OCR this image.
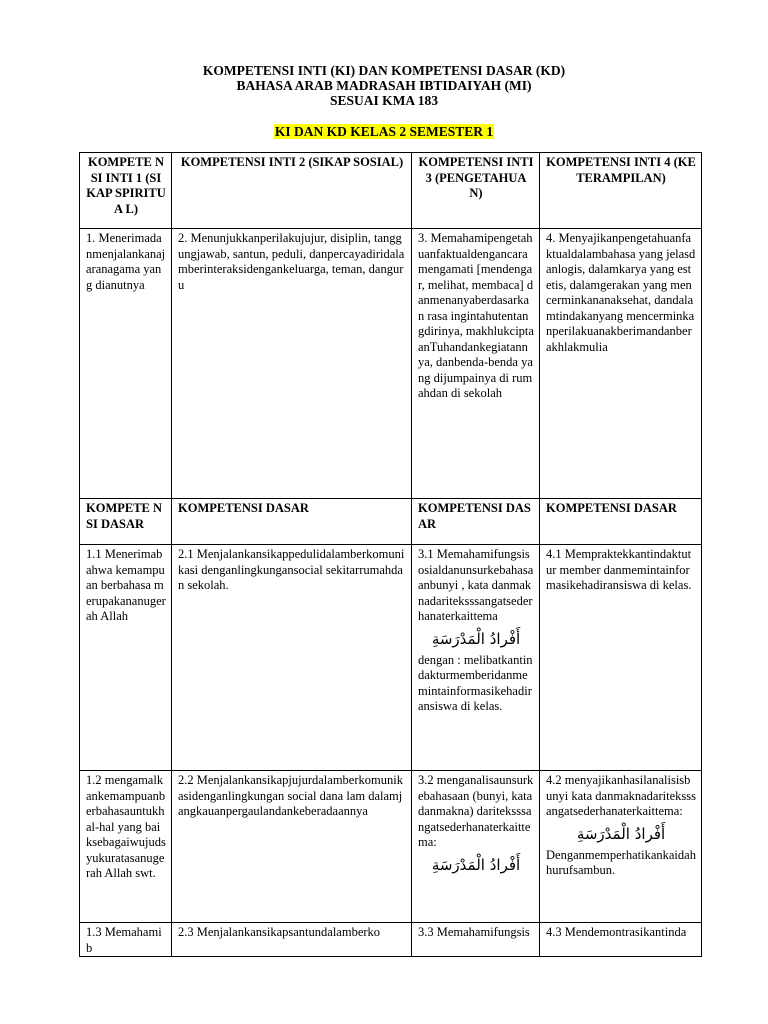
KOMPETENSI INTI (KI) DAN KOMPETENSI DASAR (KD)
BAHASA ARAB MADRASAH IBTIDAIYAH (MI)
SESUAI KMA 183
KI DAN KD KELAS 2 SEMESTER 1
KOMPETE NSI INTI 1 (SIKAP SPIRITUA L)	KOMPETENSI INTI 2 (SIKAP SOSIAL)	KOMPETENSI INTI 3 (PENGETAHUA N)	KOMPETENSI INTI 4 (KETERAMPILAN)
1. Menerimadanmenjalankanajaranagama yang dianutnya	2. Menunjukkanperilakujujur, disiplin, tanggungjawab, santun, peduli, danpercayadiridalamberinteraksidengankeluarga, teman, danguru	3. Memahamipengetahuanfaktualdengancaramengamati [mendengar, melihat, membaca] danmenanyaberdasarkan rasa ingintahutentangdirinya, makhlukciptaanTuhandankegiatannya, danbenda-benda yang dijumpainya di rumahdan di sekolah	4. Menyajikanpengetahuanfaktualdalambahasa yang jelasdanlogis, dalamkarya yang estetis, dalamgerakan yang mencerminkananaksehat, dandalamtindakanyang mencerminkanperilakuanakberimandanberakhlakmulia
KOMPETE NSI DASAR	KOMPETENSI DASAR	KOMPETENSI DASAR	KOMPETENSI DASAR
1.1 Menerimabahwa kemampuan berbahasa merupakananugerah Allah	2.1 Menjalankansikappedulidalamberkomunikasi denganlingkungansocial sekitarrumahdan sekolah.	3.1 Memahamifungsisosialdanunsurkebahasaanbunyi , kata danmaknadariteksssangatsederhanaterkaittema
أَفْرادُ الْمَدْرَسَةِ
dengan : melibatkantindakturmemberidanmemintainformasikehadiransiswa di kelas.	4.1 Mempraktekkantindaktutur member danmemintainformasikehadiransiswa di kelas.
1.2 mengamalkankemampuanberbahasauntukhal-hal yang baiksebagaiwujudsyukuratasanugerah Allah swt.	2.2 Menjalankansikapjujurdalamberkomunikasidenganlingkungan social dana lam dalamjangkauanpergaulandankeberadaannya	3.2 menganalisaunsurkebahasaan (bunyi, kata danmakna) dariteksssangatsederhanaterkaittema:
أَفْرادُ الْمَدْرَسَةِ	4.2 menyajikanhasilanalisisbunyi kata danmaknadariteksssangatsederhanaterkaittema:
أَفْرادُ الْمَدْرَسَةِ
Denganmemperhatikankaidahhurufsambun.
1.3 Memahamib	2.3 Menjalankansikapsantundalamberko	3.3 Memahamifungsis	4.3 Mendemontrasikantinda
